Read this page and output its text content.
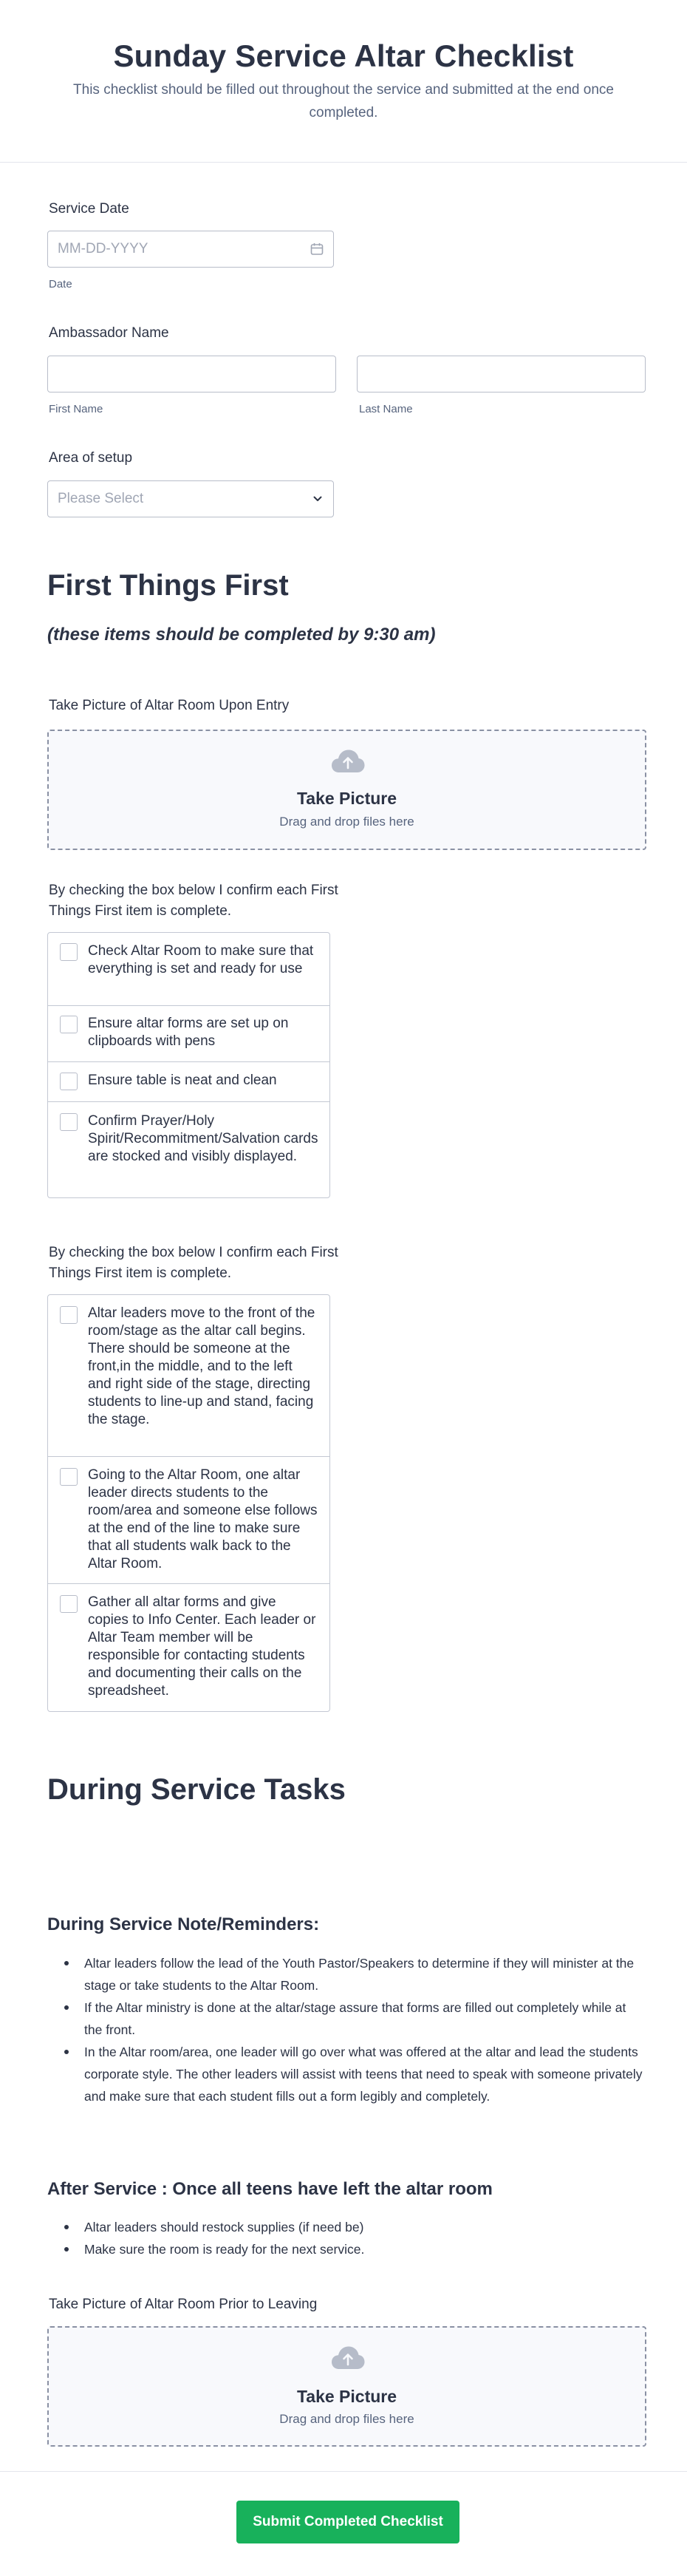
Sunday Service Altar Checklist
This checklist should be filled out throughout the service and submitted at the end once completed.
Service Date
MM-DD-YYYY
Date
Ambassador Name
First Name	Last Name
Area of setup
Please Select
First Things First
(these items should be completed by 9:30 am)
Take Picture of Altar Room Upon Entry
Take Picture
Drag and drop files here
By checking the box below I confirm each First Things First item is complete.
Check Altar Room to make sure that everything is set and ready for use
Ensure altar forms are set up on clipboards with pens
Ensure table is neat and clean
Confirm Prayer/Holy Spirit/Recommitment/Salvation cards are stocked and visibly displayed.
By checking the box below I confirm each First Things First item is complete.
Altar leaders move to the front of the room/stage as the altar call begins. There should be someone at the front,in the middle, and to the left and right side of the stage, directing students to line-up and stand, facing the stage.
Going to the Altar Room, one altar leader directs students to the room/area and someone else follows at the end of the line to make sure that all students walk back to the Altar Room.
Gather all altar forms and give copies to Info Center. Each leader or Altar Team member will be responsible for contacting students and documenting their calls on the spreadsheet.
During Service Tasks
During Service Note/Reminders:
Altar leaders follow the lead of the Youth Pastor/Speakers to determine if they will minister at the stage or take students to the Altar Room.
If the Altar ministry is done at the altar/stage assure that forms are filled out completely while at the front.
In the Altar room/area, one leader will go over what was offered at the altar and lead the students corporate style. The other leaders will assist with teens that need to speak with someone privately and make sure that each student fills out a form legibly and completely.
After Service : Once all teens have left the altar room
Altar leaders should restock supplies (if need be)
Make sure the room is ready for the next service.
Take Picture of Altar Room Prior to Leaving
Take Picture
Drag and drop files here
Submit Completed Checklist
